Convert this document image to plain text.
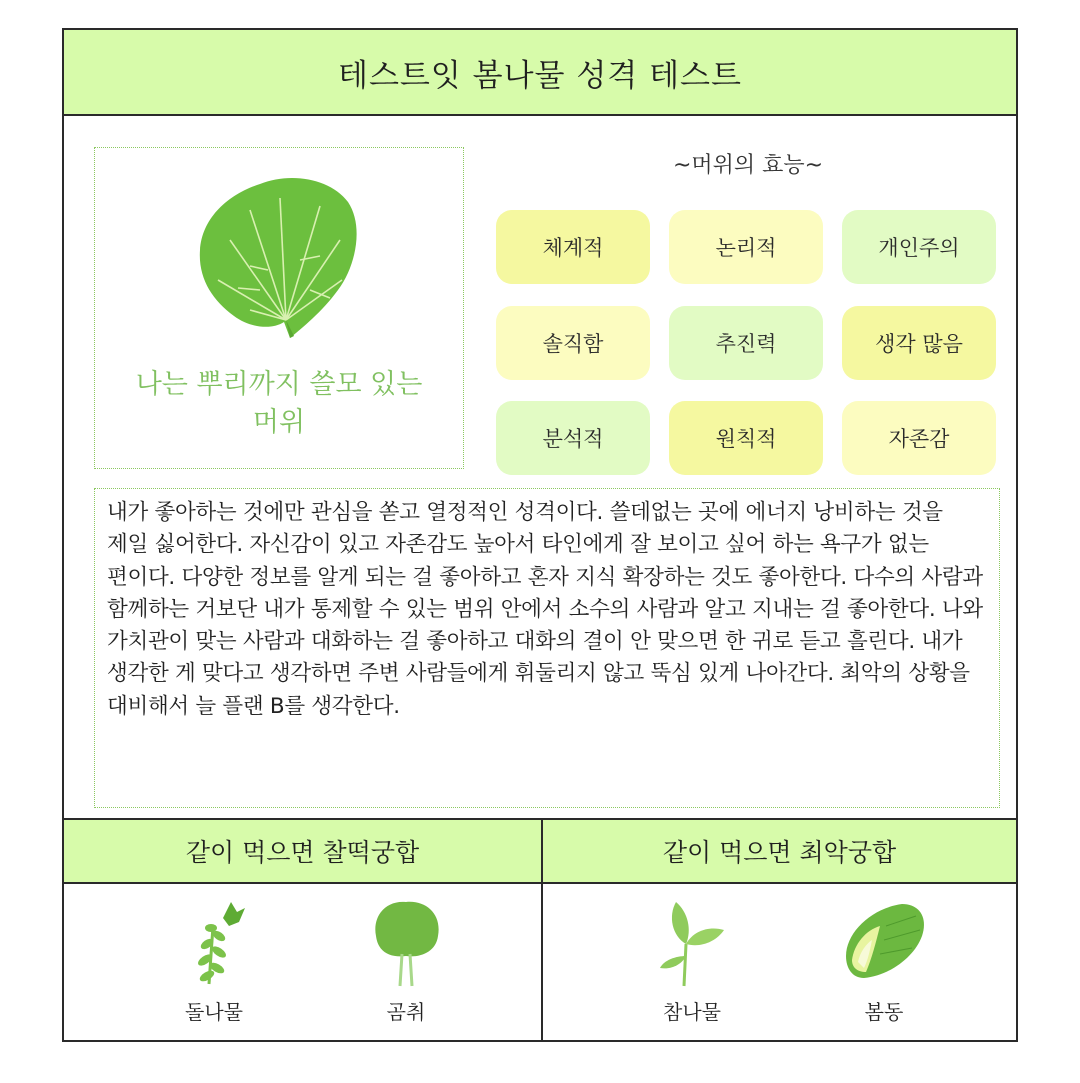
테스트잇 봄나물 성격 테스트
나는 뿌리까지 쓸모 있는
머위
~머위의 효능~
체계적	논리적	개인주의
솔직함	추진력	생각 많음
분석적	원칙적	자존감
내가 좋아하는 것에만 관심을 쏟고 열정적인 성격이다. 쓸데없는 곳에 에너지 낭비하는 것을 제일 싫어한다. 자신감이 있고 자존감도 높아서 타인에게 잘 보이고 싶어 하는 욕구가 없는 편이다. 다양한 정보를 알게 되는 걸 좋아하고 혼자 지식 확장하는 것도 좋아한다. 다수의 사람과 함께하는 거보단 내가 통제할 수 있는 범위 안에서 소수의 사람과 알고 지내는 걸 좋아한다. 나와 가치관이 맞는 사람과 대화하는 걸 좋아하고 대화의 결이 안 맞으면 한 귀로 듣고 흘린다. 내가 생각한 게 맞다고 생각하면 주변 사람들에게 휘둘리지 않고 뚝심 있게 나아간다. 최악의 상황을 대비해서 늘 플랜 B를 생각한다.
같이 먹으면 찰떡궁합	같이 먹으면 최악궁합
돌나물	곰취	참나물	봄동
